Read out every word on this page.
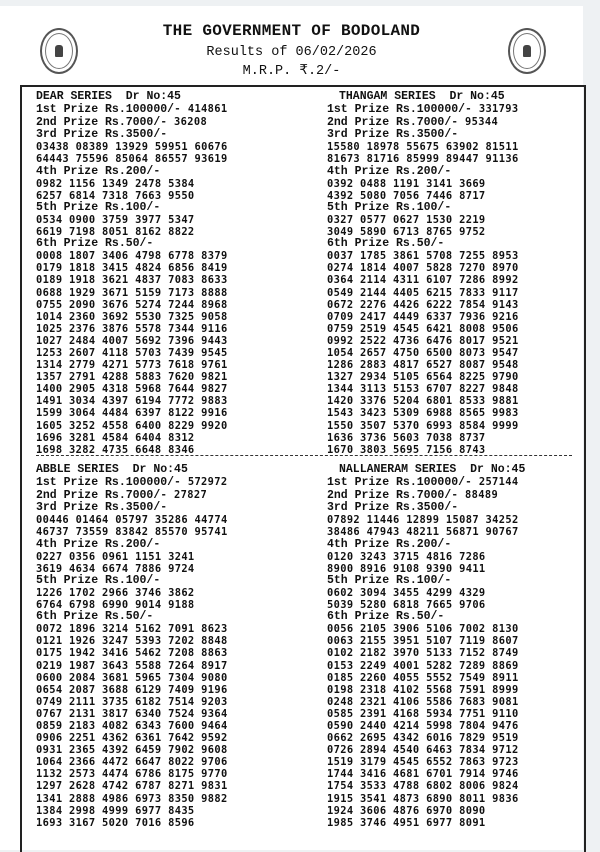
THE GOVERNMENT OF BODOLAND
Results of 06/02/2026
M.R.P. ₹.2/-
DEAR SERIES Dr No:45
1st Prize Rs.100000/- 414861
2nd Prize Rs.7000/- 36208
3rd Prize Rs.3500/-
03438 08389 13929 59951 60676
64443 75596 85064 86557 93619
4th Prize Rs.200/-
0982 1156 1349 2478 5384
6257 6814 7318 7663 9550
5th Prize Rs.100/-
0534 0900 3759 3977 5347
6619 7198 8051 8162 8822
6th Prize Rs.50/-
0008 1807 3406 4798 6778 8379
0179 1818 3415 4824 6856 8419
0189 1918 3621 4837 7083 8633
0688 1929 3671 5159 7173 8888
0755 2090 3676 5274 7244 8968
1014 2360 3692 5530 7325 9058
1025 2376 3876 5578 7344 9116
1027 2484 4007 5692 7396 9443
1253 2607 4118 5703 7439 9545
1314 2779 4271 5773 7618 9761
1357 2791 4288 5883 7620 9821
1400 2905 4318 5968 7644 9827
1491 3034 4397 6194 7772 9883
1599 3064 4484 6397 8122 9916
1605 3252 4558 6400 8229 9920
1696 3281 4584 6404 8312
1698 3282 4735 6648 8346
THANGAM SERIES Dr No:45
1st Prize Rs.100000/- 331793
2nd Prize Rs.7000/- 95344
3rd Prize Rs.3500/-
15580 18978 55675 63902 81511
81673 81716 85999 89447 91136
4th Prize Rs.200/-
0392 0488 1191 3141 3669
4392 5080 7056 7446 8717
5th Prize Rs.100/-
0327 0577 0627 1530 2219
3049 5890 6713 8765 9752
6th Prize Rs.50/-
0037 1785 3861 5708 7255 8953
0274 1814 4007 5828 7270 8970
0364 2114 4311 6107 7286 8992
0549 2144 4405 6215 7833 9117
0672 2276 4426 6222 7854 9143
0709 2417 4449 6337 7936 9216
0759 2519 4545 6421 8008 9506
0992 2522 4736 6476 8017 9521
1054 2657 4750 6500 8073 9547
1286 2883 4817 6527 8087 9548
1327 2934 5105 6564 8225 9790
1344 3113 5153 6707 8227 9848
1420 3376 5204 6801 8533 9881
1543 3423 5309 6988 8565 9983
1550 3507 5370 6993 8584 9999
1636 3736 5603 7038 8737
1670 3803 5695 7156 8743
ABBLE SERIES Dr No:45
1st Prize Rs.100000/- 572972
2nd Prize Rs.7000/- 27827
3rd Prize Rs.3500/-
00446 01464 05797 35286 44774
46737 73559 83842 85570 95741
4th Prize Rs.200/-
0227 0356 0961 1151 3241
3619 4634 6674 7886 9724
5th Prize Rs.100/-
1226 1702 2966 3746 3862
6764 6798 6990 9014 9188
6th Prize Rs.50/-
0072 1896 3214 5162 7091 8623
0121 1926 3247 5393 7202 8848
0175 1942 3416 5462 7208 8863
0219 1987 3643 5588 7264 8917
0600 2084 3681 5965 7304 9080
0654 2087 3688 6129 7409 9196
0749 2111 3735 6182 7514 9203
0767 2131 3817 6340 7524 9364
0859 2183 4082 6343 7600 9464
0906 2251 4362 6361 7642 9592
0931 2365 4392 6459 7902 9608
1064 2366 4472 6647 8022 9706
1132 2573 4474 6786 8175 9770
1297 2628 4742 6787 8271 9831
1341 2888 4986 6973 8350 9882
1384 2998 4999 6977 8435
1693 3167 5020 7016 8596
NALLANERAM SERIES Dr No:45
1st Prize Rs.100000/- 257144
2nd Prize Rs.7000/- 88489
3rd Prize Rs.3500/-
07892 11446 12899 15087 34252
38486 47943 48211 56871 90767
4th Prize Rs.200/-
0120 3243 3715 4816 7286
8900 8916 9108 9390 9411
5th Prize Rs.100/-
0602 3094 3455 4299 4329
5039 5280 6818 7665 9706
6th Prize Rs.50/-
0056 2105 3906 5106 7002 8130
0063 2155 3951 5107 7119 8607
0102 2182 3970 5133 7152 8749
0153 2249 4001 5282 7289 8869
0185 2260 4055 5552 7549 8911
0198 2318 4102 5568 7591 8999
0248 2321 4106 5586 7683 9081
0585 2391 4168 5934 7751 9110
0590 2440 4214 5998 7804 9476
0662 2695 4342 6016 7829 9519
0726 2894 4540 6463 7834 9712
1519 3179 4545 6552 7863 9723
1744 3416 4681 6701 7914 9746
1754 3533 4788 6802 8006 9824
1915 3541 4873 6890 8011 9836
1924 3606 4876 6970 8090
1985 3746 4951 6977 8091
